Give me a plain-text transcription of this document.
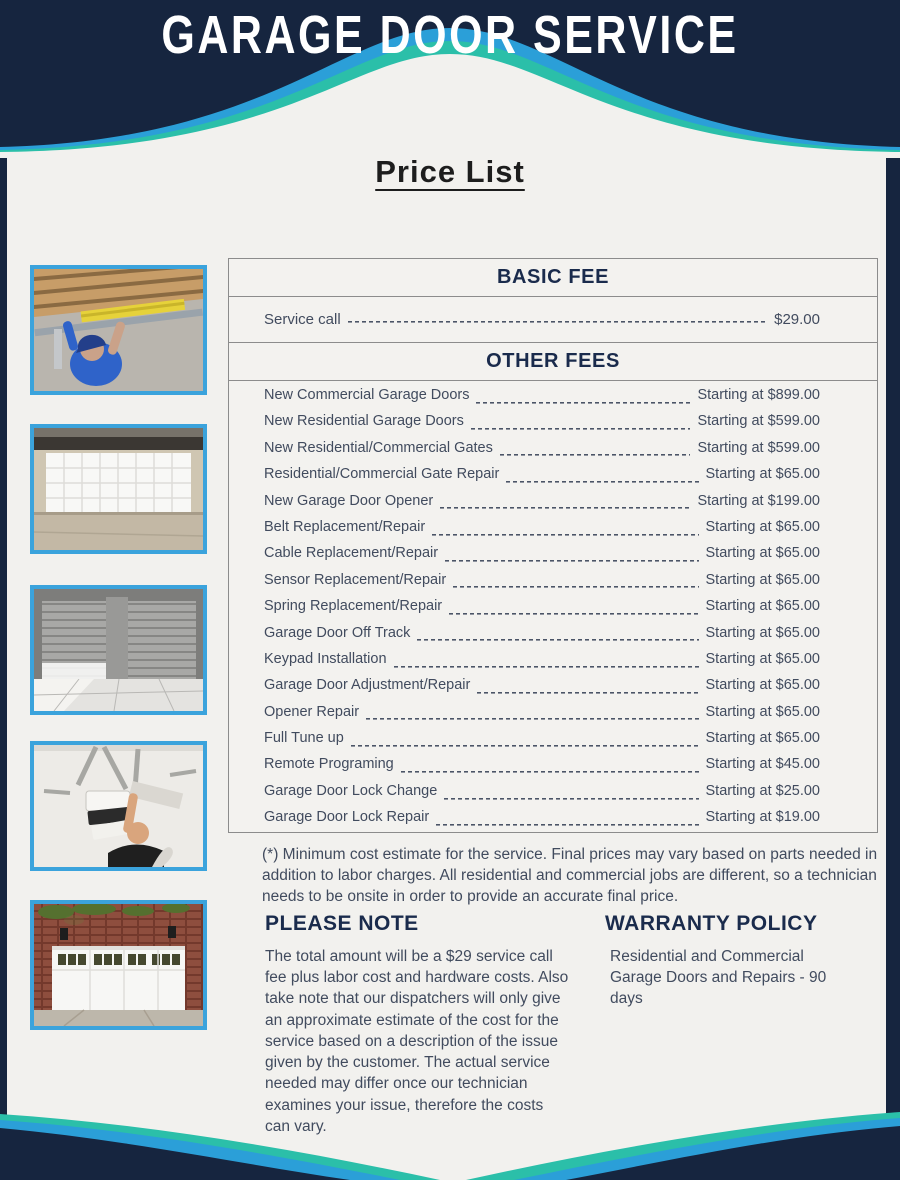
GARAGE DOOR SERVICE
Price List
BASIC FEE
Service call	$29.00
OTHER FEES
New Commercial Garage Doors	Starting at $899.00
New Residential Garage Doors	Starting at $599.00
New Residential/Commercial Gates	Starting at $599.00
Residential/Commercial Gate Repair	Starting at $65.00
New Garage Door Opener	Starting at $199.00
Belt Replacement/Repair	Starting at $65.00
Cable Replacement/Repair	Starting at $65.00
Sensor Replacement/Repair	Starting at $65.00
Spring Replacement/Repair	Starting at $65.00
Garage Door Off Track	Starting at $65.00
Keypad Installation	Starting at $65.00
Garage Door Adjustment/Repair	Starting at $65.00
Opener Repair	Starting at $65.00
Full Tune up	Starting at $65.00
Remote Programing	Starting at $45.00
Garage Door Lock Change	Starting at $25.00
Garage Door Lock Repair	Starting at $19.00

(*) Minimum cost estimate for the service. Final prices may vary based on parts needed in addition to labor charges. All residential and commercial jobs are different, so a technician needs to be onsite in order to provide an accurate final price.

PLEASE NOTE

The total amount will be a $29 service call fee plus labor cost and hardware costs. Also take note that our dispatchers will only give an approximate estimate of the cost for the service based on a description of the issue given by the customer. The actual service needed may differ once our technician examines your issue, therefore the costs can vary.

WARRANTY POLICY

Residential and Commercial Garage Doors and Repairs - 90 days
